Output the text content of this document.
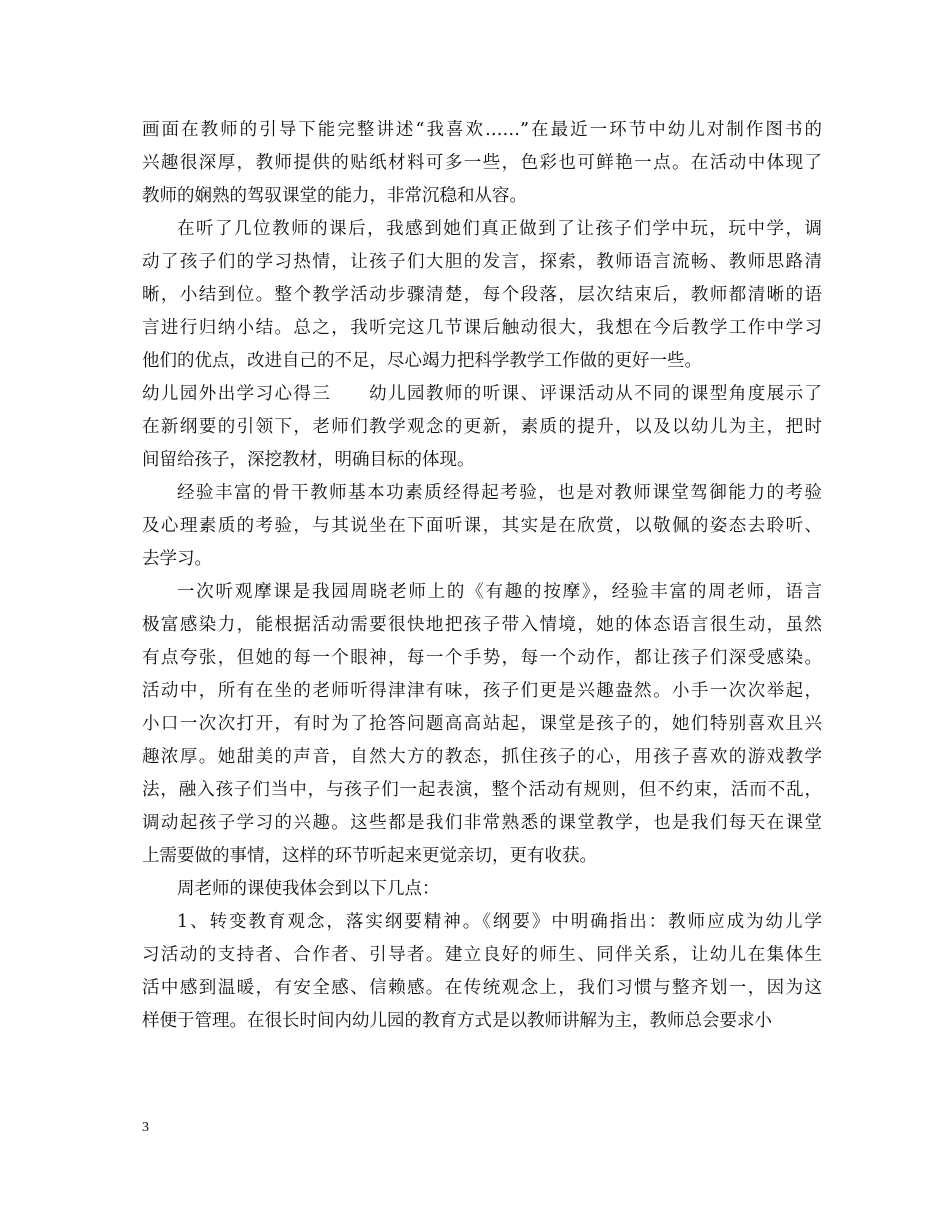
画面在教师的引导下能完整讲述“我喜欢……”在最近一环节中幼儿对制作图书的
兴趣很深厚，教师提供的贴纸材料可多一些，色彩也可鲜艳一点。在活动中体现了
教师的娴熟的驾驭课堂的能力，非常沉稳和从容。
在听了几位教师的课后，我感到她们真正做到了让孩子们学中玩，玩中学，调
动了孩子们的学习热情，让孩子们大胆的发言，探索，教师语言流畅、教师思路清
晰，小结到位。整个教学活动步骤清楚，每个段落，层次结束后，教师都清晰的语
言进行归纳小结。总之，我听完这几节课后触动很大，我想在今后教学工作中学习
他们的优点，改进自己的不足，尽心竭力把科学教学工作做的更好一些。
幼儿园外出学习心得三　　幼儿园教师的听课、评课活动从不同的课型角度展示了
在新纲要的引领下，老师们教学观念的更新，素质的提升，以及以幼儿为主，把时
间留给孩子，深挖教材，明确目标的体现。
经验丰富的骨干教师基本功素质经得起考验，也是对教师课堂驾御能力的考验
及心理素质的考验，与其说坐在下面听课，其实是在欣赏，以敬佩的姿态去聆听、
去学习。
一次听观摩课是我园周晓老师上的《有趣的按摩》，经验丰富的周老师，语言
极富感染力，能根据活动需要很快地把孩子带入情境，她的体态语言很生动，虽然
有点夸张，但她的每一个眼神，每一个手势，每一个动作，都让孩子们深受感染。
活动中，所有在坐的老师听得津津有味，孩子们更是兴趣盎然。小手一次次举起，
小口一次次打开，有时为了抢答问题高高站起，课堂是孩子的，她们特别喜欢且兴
趣浓厚。她甜美的声音，自然大方的教态，抓住孩子的心，用孩子喜欢的游戏教学
法，融入孩子们当中，与孩子们一起表演，整个活动有规则，但不约束，活而不乱，
调动起孩子学习的兴趣。这些都是我们非常熟悉的课堂教学，也是我们每天在课堂
上需要做的事情，这样的环节听起来更觉亲切，更有收获。
周老师的课使我体会到以下几点：
1、转变教育观念，落实纲要精神。《纲要》中明确指出：教师应成为幼儿学
习活动的支持者、合作者、引导者。建立良好的师生、同伴关系，让幼儿在集体生
活中感到温暖，有安全感、信赖感。在传统观念上，我们习惯与整齐划一，因为这
样便于管理。在很长时间内幼儿园的教育方式是以教师讲解为主，教师总会要求小
3
